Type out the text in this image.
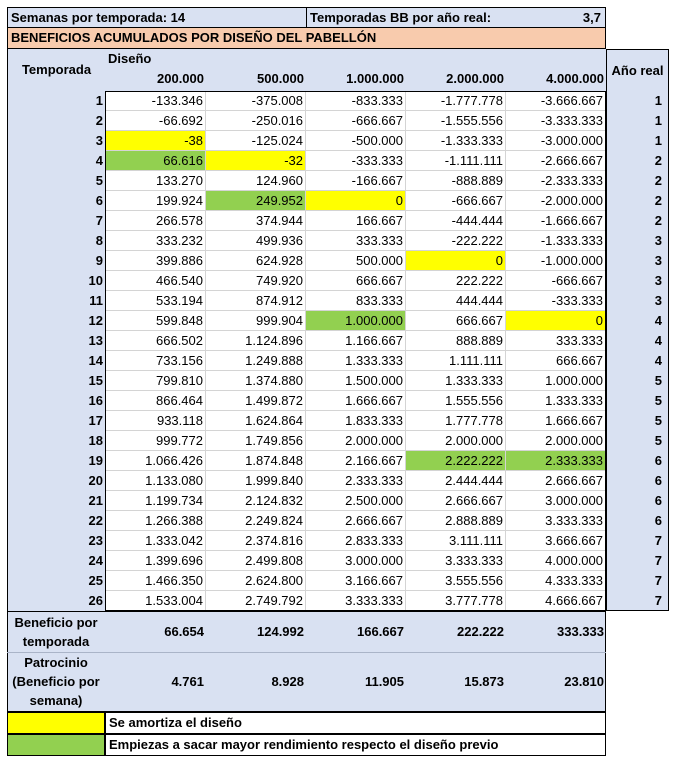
Semanas por temporada: 14	Temporadas BB por año real:	3,7
BENEFICIOS ACUMULADOS POR DISEÑO DEL PABELLÓN
Temporada
Diseño
200.000	500.000	1.000.000	2.000.000	4.000.000
Año real
1	-133.346	-375.008	-833.333	-1.777.778	-3.666.667	1
2	-66.692	-250.016	-666.667	-1.555.556	-3.333.333	1
3	-38	-125.024	-500.000	-1.333.333	-3.000.000	1
4	66.616	-32	-333.333	-1.111.111	-2.666.667	2
5	133.270	124.960	-166.667	-888.889	-2.333.333	2
6	199.924	249.952	0	-666.667	-2.000.000	2
7	266.578	374.944	166.667	-444.444	-1.666.667	2
8	333.232	499.936	333.333	-222.222	-1.333.333	3
9	399.886	624.928	500.000	0	-1.000.000	3
10	466.540	749.920	666.667	222.222	-666.667	3
11	533.194	874.912	833.333	444.444	-333.333	3
12	599.848	999.904	1.000.000	666.667	0	4
13	666.502	1.124.896	1.166.667	888.889	333.333	4
14	733.156	1.249.888	1.333.333	1.111.111	666.667	4
15	799.810	1.374.880	1.500.000	1.333.333	1.000.000	5
16	866.464	1.499.872	1.666.667	1.555.556	1.333.333	5
17	933.118	1.624.864	1.833.333	1.777.778	1.666.667	5
18	999.772	1.749.856	2.000.000	2.000.000	2.000.000	5
19	1.066.426	1.874.848	2.166.667	2.222.222	2.333.333	6
20	1.133.080	1.999.840	2.333.333	2.444.444	2.666.667	6
21	1.199.734	2.124.832	2.500.000	2.666.667	3.000.000	6
22	1.266.388	2.249.824	2.666.667	2.888.889	3.333.333	6
23	1.333.042	2.374.816	2.833.333	3.111.111	3.666.667	7
24	1.399.696	2.499.808	3.000.000	3.333.333	4.000.000	7
25	1.466.350	2.624.800	3.166.667	3.555.556	4.333.333	7
26	1.533.004	2.749.792	3.333.333	3.777.778	4.666.667	7
Beneficio por
temporada
66.654	124.992	166.667	222.222	333.333
Patrocinio
(Beneficio por
semana)
4.761	8.928	11.905	15.873	23.810
Se amortiza el diseño
Empiezas a sacar mayor rendimiento respecto el diseño previo
